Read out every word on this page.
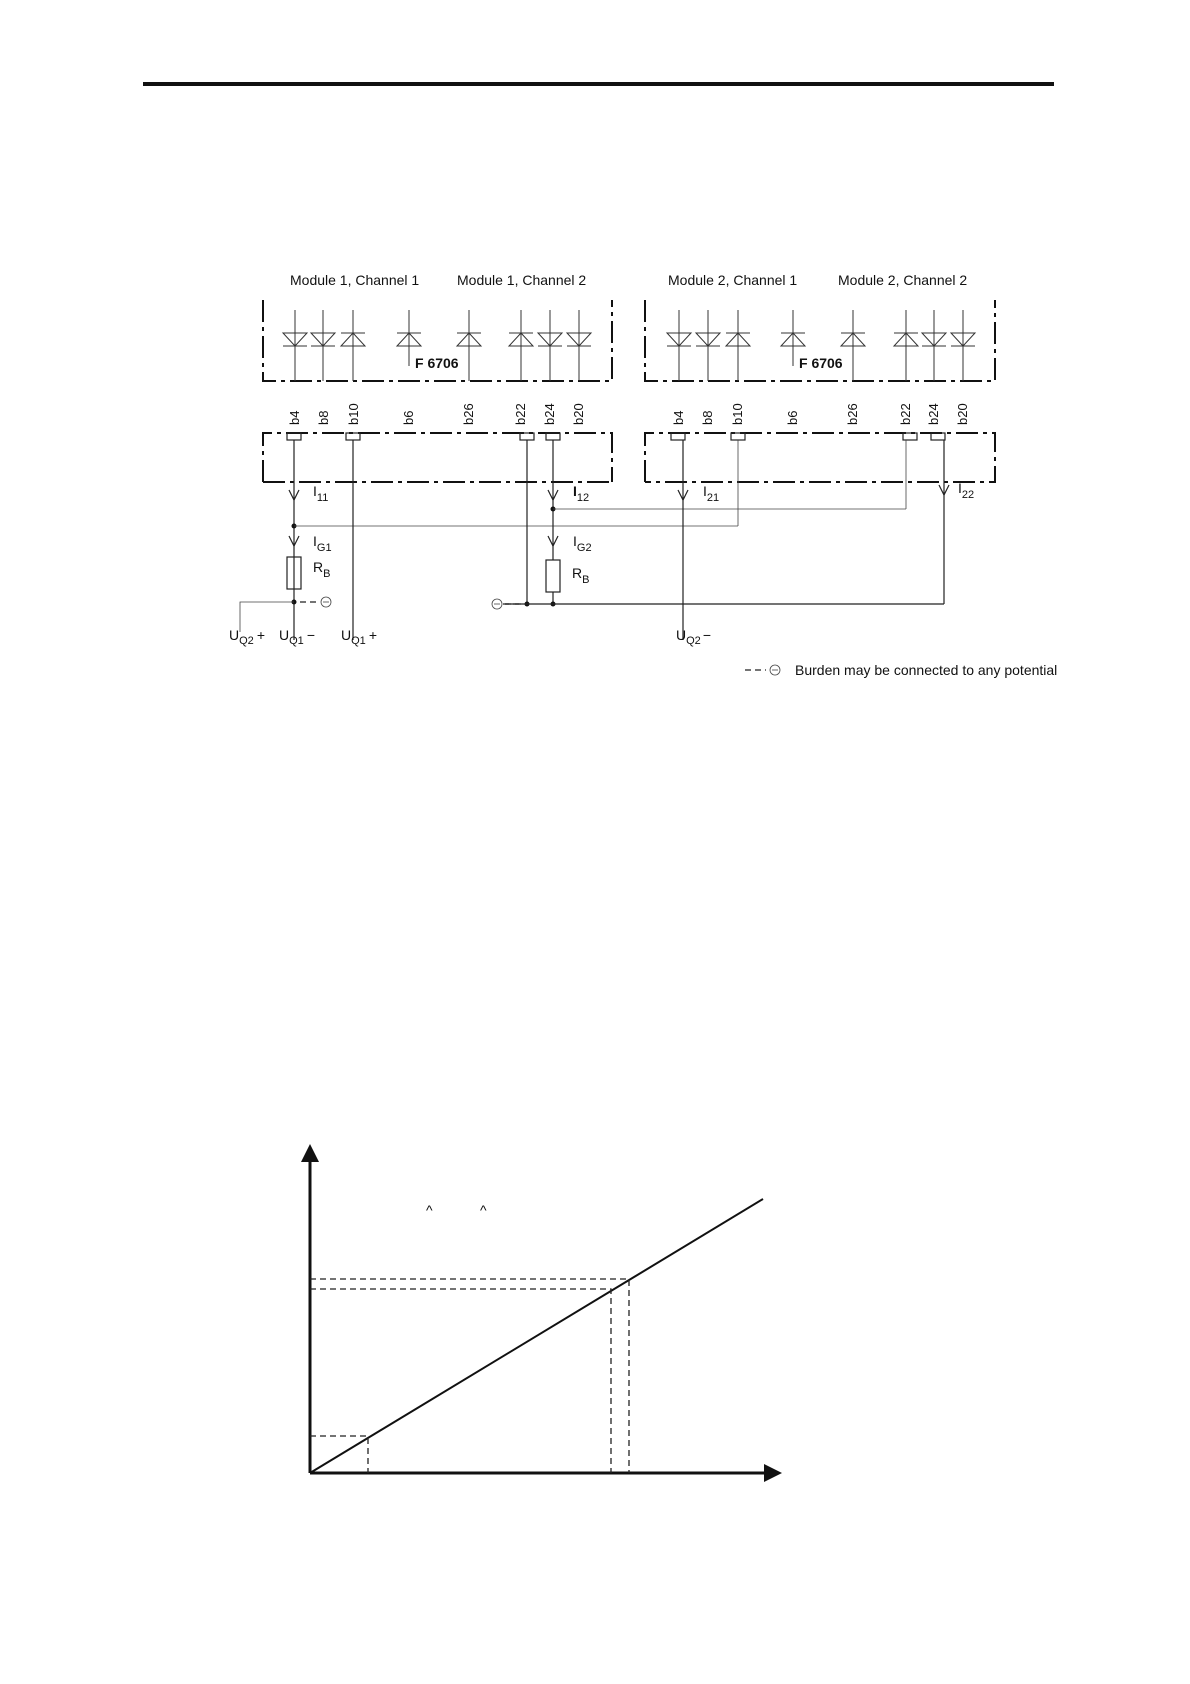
Module 1, Channel 1	Module 1, Channel 2	Module 2, Channel 1	Module 2, Channel 2
F 6706	F 6706
b4 b8 b10	b6	b26	b22 b24 b20	b4 b8 b10	b6	b26	b22 b24 b20
$I_{11}$	$I_{12}$	$I_{21}$
$I_{22}$
$I_{G1}$	$I_{G2}$
$R_B$	$R_B$
$U_{Q2} + U_{Q1} - U_{Q1}$ +	$U_{Q2}$ −
Burden may be connected to any potential
^	^
